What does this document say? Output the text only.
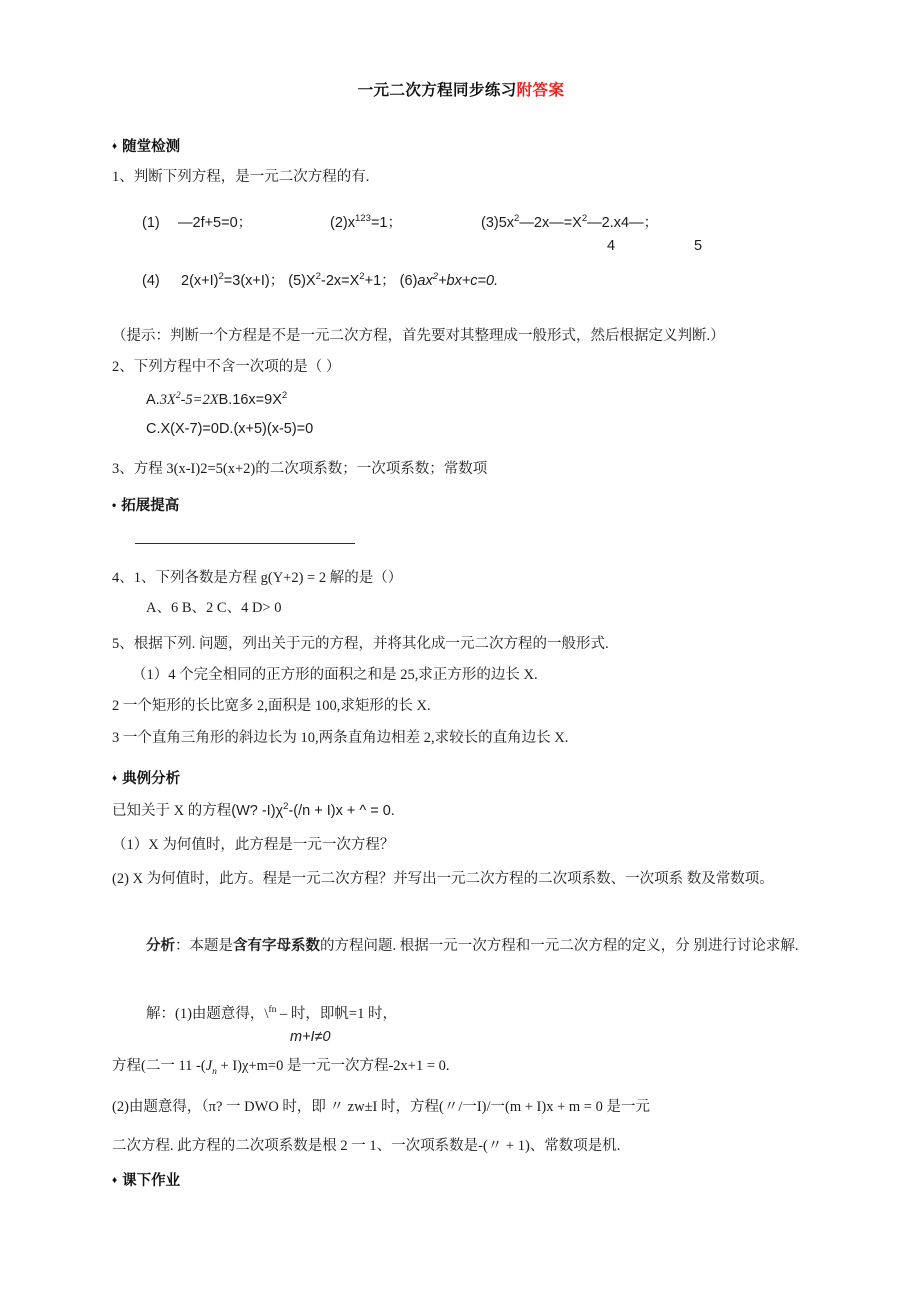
一元二次方程同步练习附答案
♦ 随堂检测
1、判断下列方程，是一元二次方程的有.
(1) —2f+5=0；	$(2)x^{123}=1$；	$(3)5x^2—2x—=X^2—2.x4—$；
4	5
(4) $2(x+I)^2=3(x+I)$； $(5)X^2-2x=X^2+1$； $(6)ax^2+bx+c=0$.
（提示：判断一个方程是不是一元二次方程，首先要对其整理成一般形式，然后根据定义判断.）
2、下列方程中不含一次项的是（ ）
$A.3X^2-5=2XB.16x=9X^2$
C.X(X-7)=0D.(x+5)(x-5)=0
3、方程 3(x-I)2=5(x+2)的二次项系数；一次项系数；常数项
• 拓展提高
4、1、下列各数是方程 g(Y+2) = 2 解的是（）
A、6 B、2 C、4 D> 0
5、根据下列. 问题，列出关于元的方程，并将其化成一元二次方程的一般形式.
（1）4 个完全相同的正方形的面积之和是 25,求正方形的边长 X.
2 一个矩形的长比宽多 2,面积是 100,求矩形的长 X.
3 一个直角三角形的斜边长为 10,两条直角边相差 2,求较长的直角边长 X.
♦ 典例分析
已知关于 X 的方程(W? $-I)\chi^2-(/n + I)x$ + ^ = 0.
（1）X 为何值时，此方程是一元一次方程？
(2) X 为何值时，此方。程是一元二次方程？并写出一元二次方程的二次项系数、一次项系 数及常数项。
分析：本题是含有字母系数的方程问题. 根据一元一次方程和一元二次方程的定义，分 别进行讨论求解.
解：(1)由题意得，\$^{fn}$ – 时，即帆=1 时，
m+I≠0
方程(二一 11 $-(J_n + I)\chi+m=0$ 是一元一次方程-2x+1 = 0.
(2)由题意得，（π? 一 DWO 时，即 〃 zw±I 时，方程(〃/一I)/一(m + I)x + m = 0 是一元
二次方程. 此方程的二次项系数是根 2 一 1、一次项系数是-(〃 + 1)、常数项是机.
♦ 课下作业
